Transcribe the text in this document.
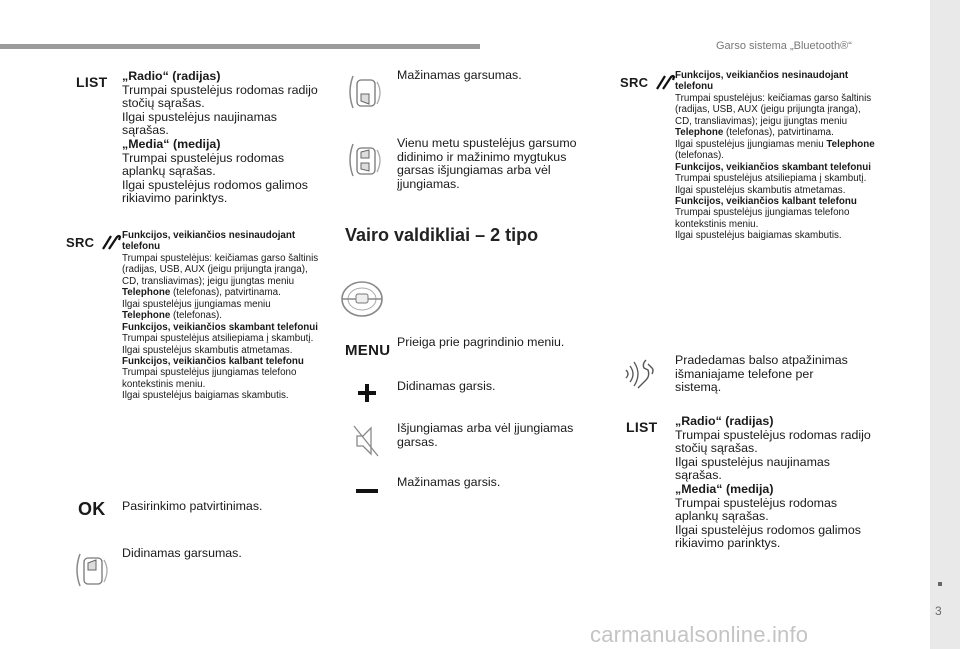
Garso sistema „Bluetooth®“
3
carmanualsonline.info
LIST „Radio“ (radijas)
Trumpai spustelėjus rodomas radijo stočių sąrašas.
Ilgai spustelėjus naujinamas sąrašas.
„Media“ (medija)
Trumpai spustelėjus rodomas aplankų sąrašas.
Ilgai spustelėjus rodomos galimos rikiavimo parinktys.
SRC	Funkcijos, veikiančios nesinaudojant telefonu
Trumpai spustelėjus: keičiamas garso šaltinis (radijas, USB, AUX (jeigu prijungta įranga), CD, transliavimas); jeigu įjungtas meniu Telephone (telefonas), patvirtinama.
Ilgai spustelėjus įjungiamas meniu Telephone (telefonas).
Funkcijos, veikiančios skambant telefonui
Trumpai spustelėjus atsiliepiama į skambutį.
Ilgai spustelėjus skambutis atmetamas.
Funkcijos, veikiančios kalbant telefonu
Trumpai spustelėjus įjungiamas telefono kontekstinis meniu.
Ilgai spustelėjus baigiamas skambutis.
OK Pasirinkimo patvirtinimas.
Didinamas garsumas.
Mažinamas garsumas.
Vienu metu spustelėjus garsumo didinimo ir mažinimo mygtukus garsas išjungiamas arba vėl įjungiamas.
Vairo valdikliai – 2 tipo
MENU Prieiga prie pagrindinio meniu.
Didinamas garsis.
Išjungiamas arba vėl įjungiamas garsas.
Mažinamas garsis.
SRC	Funkcijos, veikiančios nesinaudojant telefonu
Trumpai spustelėjus: keičiamas garso šaltinis (radijas, USB, AUX (jeigu prijungta įranga), CD, transliavimas); jeigu įjungtas meniu Telephone (telefonas), patvirtinama.
Ilgai spustelėjus įjungiamas meniu Telephone (telefonas).
Funkcijos, veikiančios skambant telefonui
Trumpai spustelėjus atsiliepiama į skambutį.
Ilgai spustelėjus skambutis atmetamas.
Funkcijos, veikiančios kalbant telefonu
Trumpai spustelėjus įjungiamas telefono kontekstinis meniu.
Ilgai spustelėjus baigiamas skambutis.
Pradedamas balso atpažinimas išmaniajame telefone per sistemą.
LIST „Radio“ (radijas)
Trumpai spustelėjus rodomas radijo stočių sąrašas.
Ilgai spustelėjus naujinamas sąrašas.
„Media“ (medija)
Trumpai spustelėjus rodomas aplankų sąrašas.
Ilgai spustelėjus rodomos galimos rikiavimo parinktys.
